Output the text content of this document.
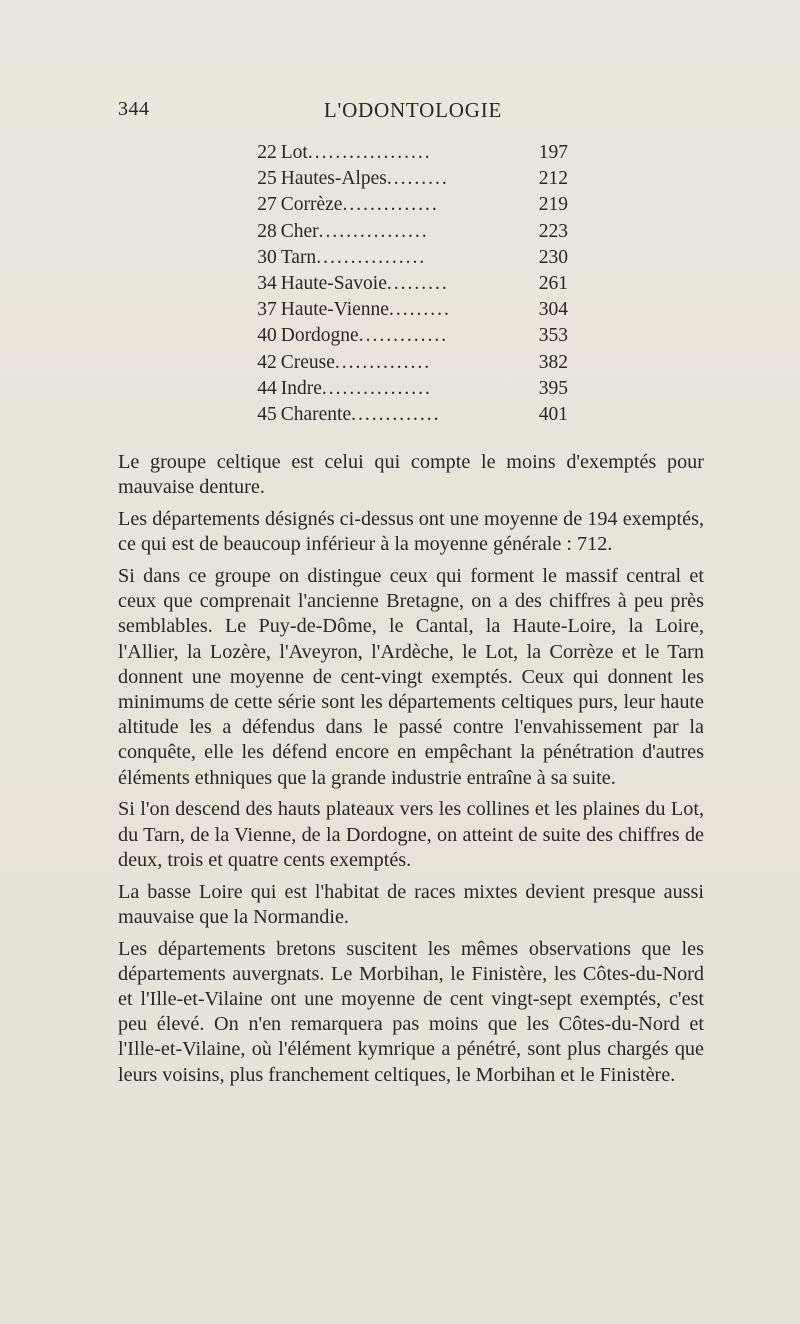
344	L'ODONTOLOGIE
22	Lot..................	197
25	Hautes-Alpes.........	212
27	Corrèze..............	219
28	Cher................	223
30	Tarn................	230
34	Haute-Savoie.........	261
37	Haute-Vienne.........	304
40	Dordogne.............	353
42	Creuse..............	382
44	Indre................	395
45	Charente.............	401

Le groupe celtique est celui qui compte le moins d'exemptés pour mauvaise denture.

Les départements désignés ci-dessus ont une moyenne de 194 exemptés, ce qui est de beaucoup inférieur à la moyenne générale : 712.

Si dans ce groupe on distingue ceux qui forment le massif central et ceux que comprenait l'ancienne Bretagne, on a des chiffres à peu près semblables. Le Puy-de-Dôme, le Cantal, la Haute-Loire, la Loire, l'Allier, la Lozère, l'Aveyron, l'Ardèche, le Lot, la Corrèze et le Tarn donnent une moyenne de cent-vingt exemptés. Ceux qui donnent les minimums de cette série sont les départements celtiques purs, leur haute altitude les a défendus dans le passé contre l'envahissement par la conquête, elle les défend encore en empêchant la pénétration d'autres éléments ethniques que la grande industrie entraîne à sa suite.

Si l'on descend des hauts plateaux vers les collines et les plaines du Lot, du Tarn, de la Vienne, de la Dordogne, on atteint de suite des chiffres de deux, trois et quatre cents exemptés.

La basse Loire qui est l'habitat de races mixtes devient presque aussi mauvaise que la Normandie.

Les départements bretons suscitent les mêmes observations que les départements auvergnats. Le Morbihan, le Finistère, les Côtes-du-Nord et l'Ille-et-Vilaine ont une moyenne de cent vingt-sept exemptés, c'est peu élevé. On n'en remarquera pas moins que les Côtes-du-Nord et l'Ille-et-Vilaine, où l'élément kymrique a pénétré, sont plus chargés que leurs voisins, plus franchement celtiques, le Morbihan et le Finistère.
